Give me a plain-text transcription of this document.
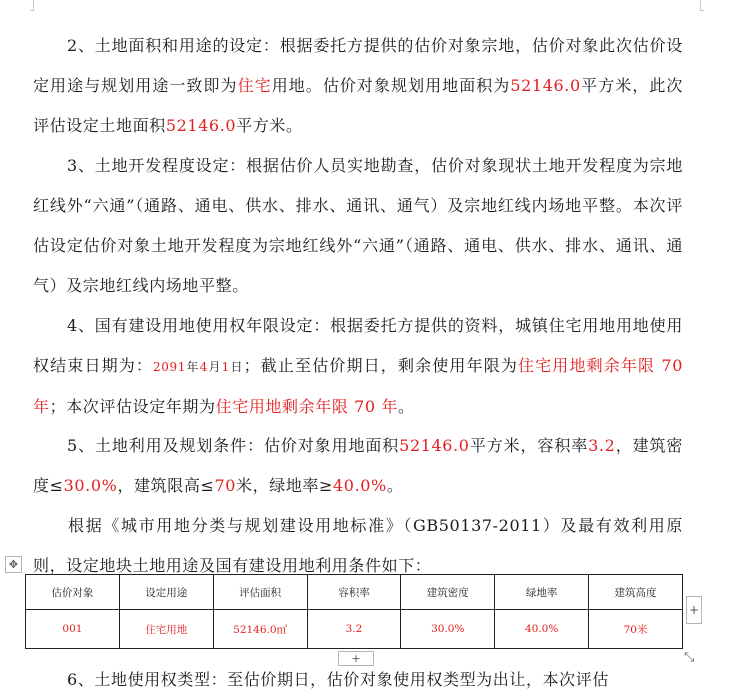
2、土地面积和用途的设定：根据委托方提供的估价对象宗地，估价对象此次估价设定用途与规划用途一致即为住宅用地。估价对象规划用地面积为52146.0平方米，此次评估设定土地面积52146.0平方米。

3、土地开发程度设定：根据估价人员实地勘查，估价对象现状土地开发程度为宗地红线外“六通”（通路、通电、供水、排水、通讯、通气）及宗地红线内场地平整。本次评估设定估价对象土地开发程度为宗地红线外“六通”（通路、通电、供水、排水、通讯、通气）及宗地红线内场地平整。

4、国有建设用地使用权年限设定：根据委托方提供的资料，城镇住宅用地用地使用权结束日期为：2091年4月1日；截止至估价期日，剩余使用年限为住宅用地剩余年限 70 年；本次评估设定年期为住宅用地剩余年限 70 年。

5、土地利用及规划条件：估价对象用地面积52146.0平方米，容积率3.2，建筑密度≤30.0%，建筑限高≤70米，绿地率≥40.0%。

根据《城市用地分类与规划建设用地标准》（GB50137-2011）及最有效利用原则，设定地块土地用途及国有建设用地利用条件如下：

✥
估价对象	设定用途	评估面积	容积率	建筑密度	绿地率	建筑高度
001	住宅用地	52146.0㎡	3.2	30.0%	40.0%	70米
+
+	⤡

6、土地使用权类型：至估价期日，估价对象使用权类型为出让，本次评估
